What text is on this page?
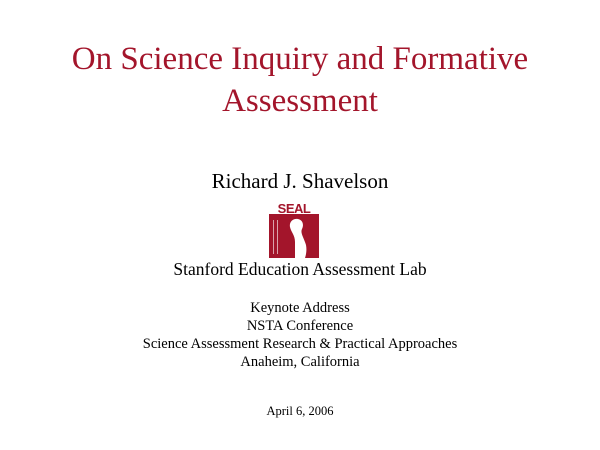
On Science Inquiry and Formative Assessment
Richard J. Shavelson
SEAL
Stanford Education Assessment Lab
Keynote Address
NSTA Conference
Science Assessment Research & Practical Approaches
Anaheim, California
April 6, 2006
